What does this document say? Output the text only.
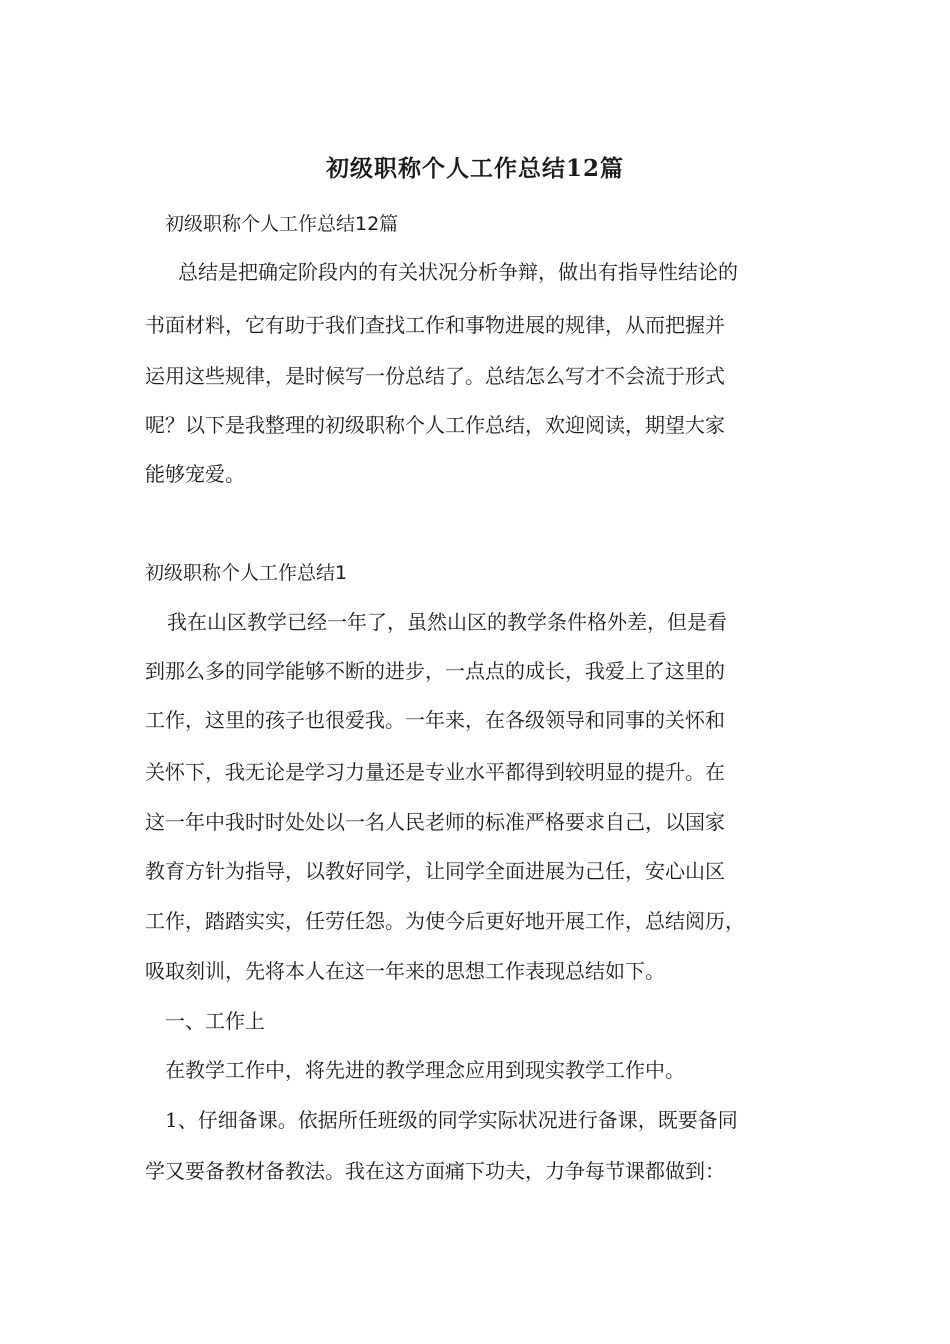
初级职称个人工作总结12篇
初级职称个人工作总结12篇
总结是把确定阶段内的有关状况分析争辩，做出有指导性结论的
书面材料，它有助于我们查找工作和事物进展的规律，从而把握并
运用这些规律，是时候写一份总结了。总结怎么写才不会流于形式
呢？以下是我整理的初级职称个人工作总结，欢迎阅读，期望大家
能够宠爱。
初级职称个人工作总结1
我在山区教学已经一年了，虽然山区的教学条件格外差，但是看
到那么多的同学能够不断的进步，一点点的成长，我爱上了这里的
工作，这里的孩子也很爱我。一年来，在各级领导和同事的关怀和
关怀下，我无论是学习力量还是专业水平都得到较明显的提升。在
这一年中我时时处处以一名人民老师的标准严格要求自己，以国家
教育方针为指导，以教好同学，让同学全面进展为己任，安心山区
工作，踏踏实实，任劳任怨。为使今后更好地开展工作，总结阅历，
吸取刻训，先将本人在这一年来的思想工作表现总结如下。
一、工作上
在教学工作中，将先进的教学理念应用到现实教学工作中。
1、仔细备课。依据所任班级的同学实际状况进行备课，既要备同
学又要备教材备教法。我在这方面痛下功夫，力争每节课都做到：
